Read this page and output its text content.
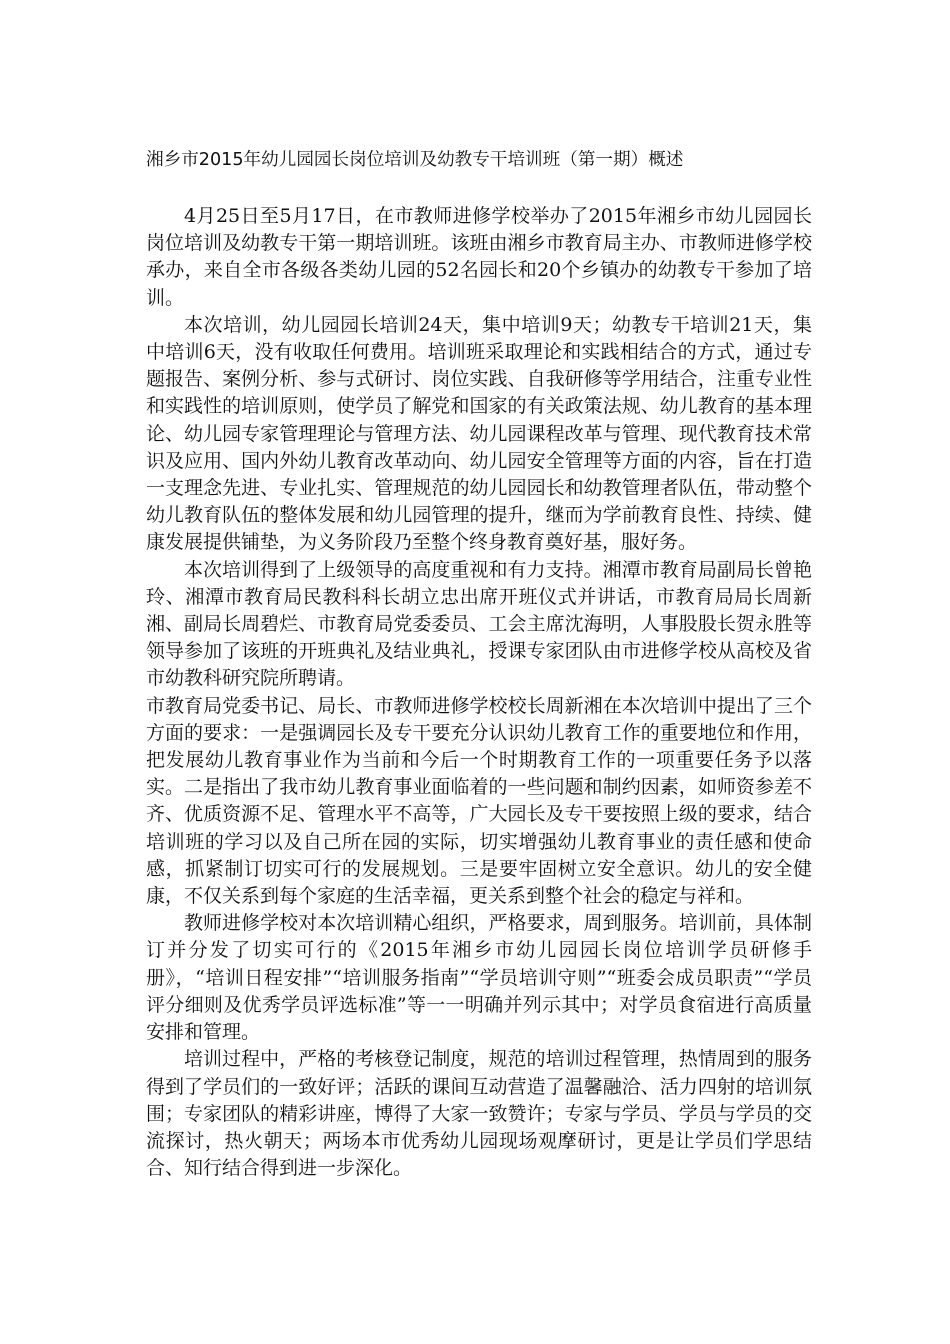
湘乡市2015年幼儿园园长岗位培训及幼教专干培训班（第一期）概述

4月25日至5月17日，在市教师进修学校举办了2015年湘乡市幼儿园园长岗位培训及幼教专干第一期培训班。该班由湘乡市教育局主办、市教师进修学校承办，来自全市各级各类幼儿园的52名园长和20个乡镇办的幼教专干参加了培训。

本次培训，幼儿园园长培训24天，集中培训9天；幼教专干培训21天，集中培训6天，没有收取任何费用。培训班采取理论和实践相结合的方式，通过专题报告、案例分析、参与式研讨、岗位实践、自我研修等学用结合，注重专业性和实践性的培训原则，使学员了解党和国家的有关政策法规、幼儿教育的基本理论、幼儿园专家管理理论与管理方法、幼儿园课程改革与管理、现代教育技术常识及应用、国内外幼儿教育改革动向、幼儿园安全管理等方面的内容，旨在打造一支理念先进、专业扎实、管理规范的幼儿园园长和幼教管理者队伍，带动整个幼儿教育队伍的整体发展和幼儿园管理的提升，继而为学前教育良性、持续、健康发展提供铺垫，为义务阶段乃至整个终身教育奠好基，服好务。

本次培训得到了上级领导的高度重视和有力支持。湘潭市教育局副局长曾艳玲、湘潭市教育局民教科科长胡立忠出席开班仪式并讲话，市教育局局长周新湘、副局长周碧烂、市教育局党委委员、工会主席沈海明，人事股股长贺永胜等领导参加了该班的开班典礼及结业典礼，授课专家团队由市进修学校从高校及省市幼教科研究院所聘请。

市教育局党委书记、局长、市教师进修学校校长周新湘在本次培训中提出了三个方面的要求：一是强调园长及专干要充分认识幼儿教育工作的重要地位和作用，把发展幼儿教育事业作为当前和今后一个时期教育工作的一项重要任务予以落实。二是指出了我市幼儿教育事业面临着的一些问题和制约因素，如师资参差不齐、优质资源不足、管理水平不高等，广大园长及专干要按照上级的要求，结合培训班的学习以及自己所在园的实际，切实增强幼儿教育事业的责任感和使命感，抓紧制订切实可行的发展规划。三是要牢固树立安全意识。幼儿的安全健康，不仅关系到每个家庭的生活幸福，更关系到整个社会的稳定与祥和。

教师进修学校对本次培训精心组织，严格要求，周到服务。培训前，具体制订并分发了切实可行的《2015年湘乡市幼儿园园长岗位培训学员研修手册》，“培训日程安排”“培训服务指南”“学员培训守则”“班委会成员职责”“学员评分细则及优秀学员评选标准”等一一明确并列示其中；对学员食宿进行高质量安排和管理。

培训过程中，严格的考核登记制度，规范的培训过程管理，热情周到的服务得到了学员们的一致好评；活跃的课间互动营造了温馨融洽、活力四射的培训氛围；专家团队的精彩讲座，博得了大家一致赞许；专家与学员、学员与学员的交流探讨，热火朝天；两场本市优秀幼儿园现场观摩研讨，更是让学员们学思结合、知行结合得到进一步深化。
